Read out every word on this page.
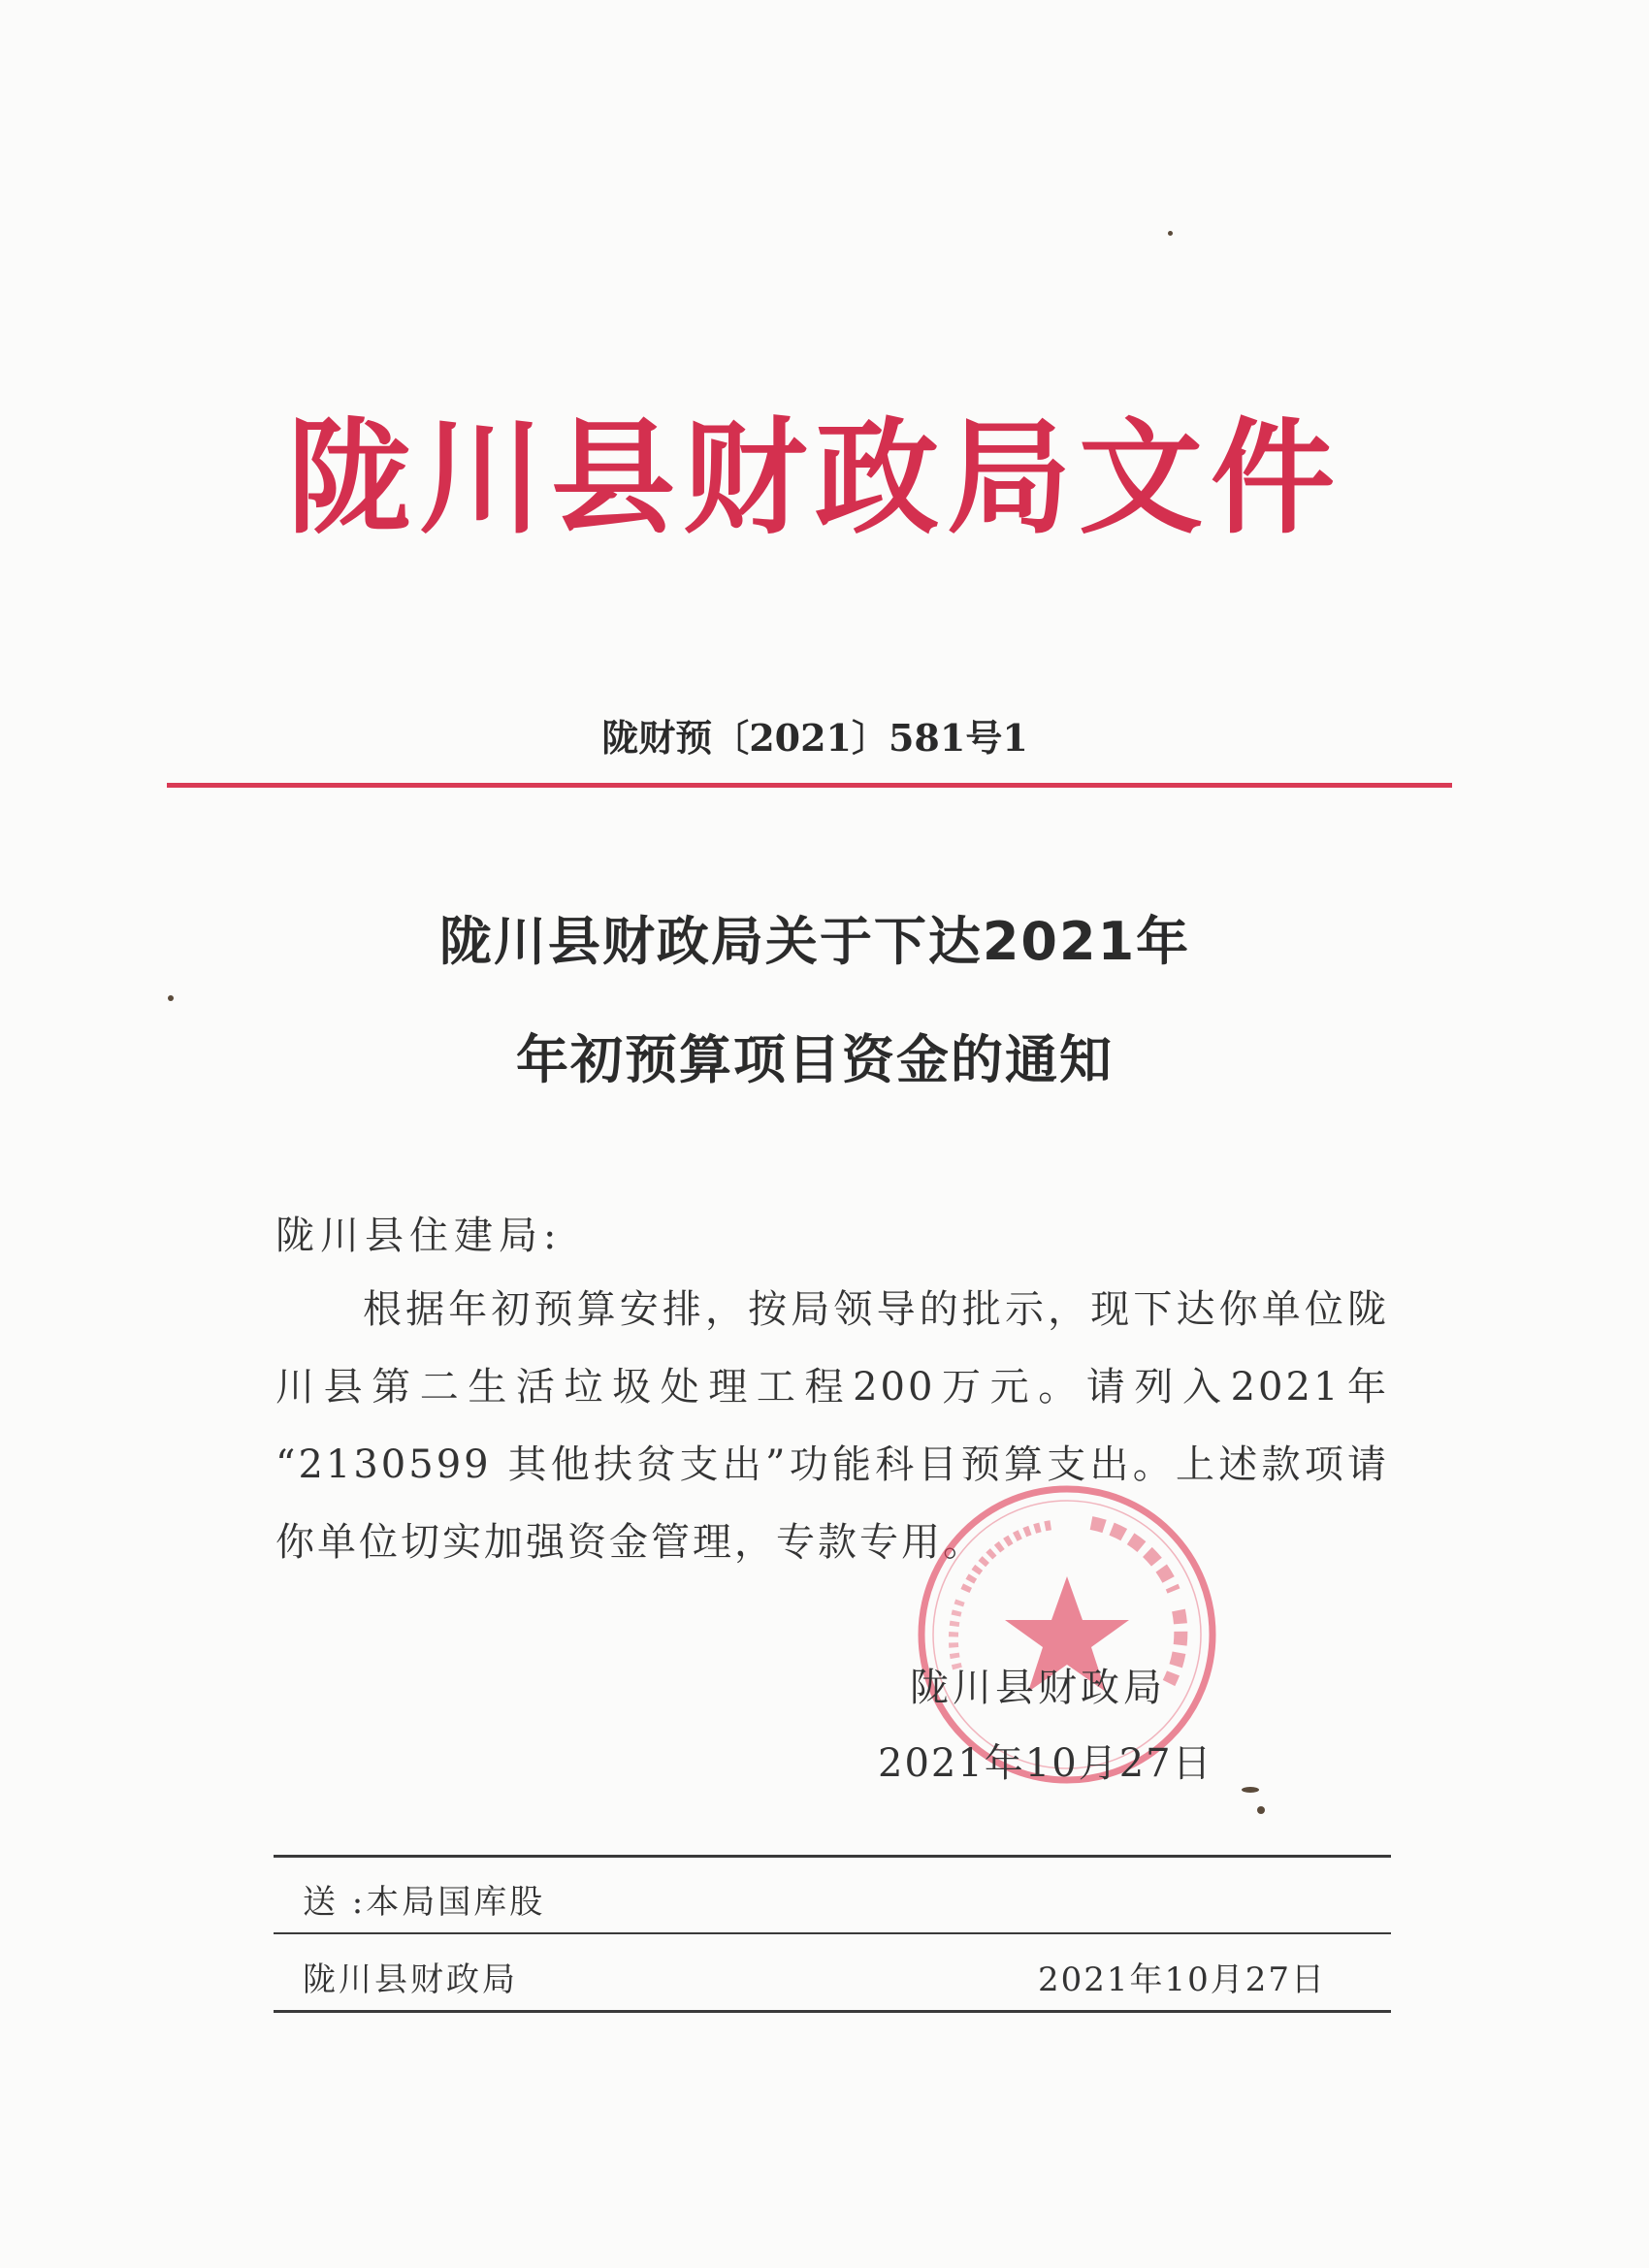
陇川县财政局文件
陇财预〔2021〕581号1
陇川县财政局关于下达2021年
年初预算项目资金的通知
陇川县住建局:
根据年初预算安排，按局领导的批示，现下达你单位陇
川县第二生活垃圾处理工程200万元。请列入2021年
“2130599 其他扶贫支出”功能科目预算支出。上述款项请
你单位切实加强资金管理，专款专用。
陇川县财政局
2021年10月27日
送 :本局国库股
陇川县财政局	2021年10月27日
